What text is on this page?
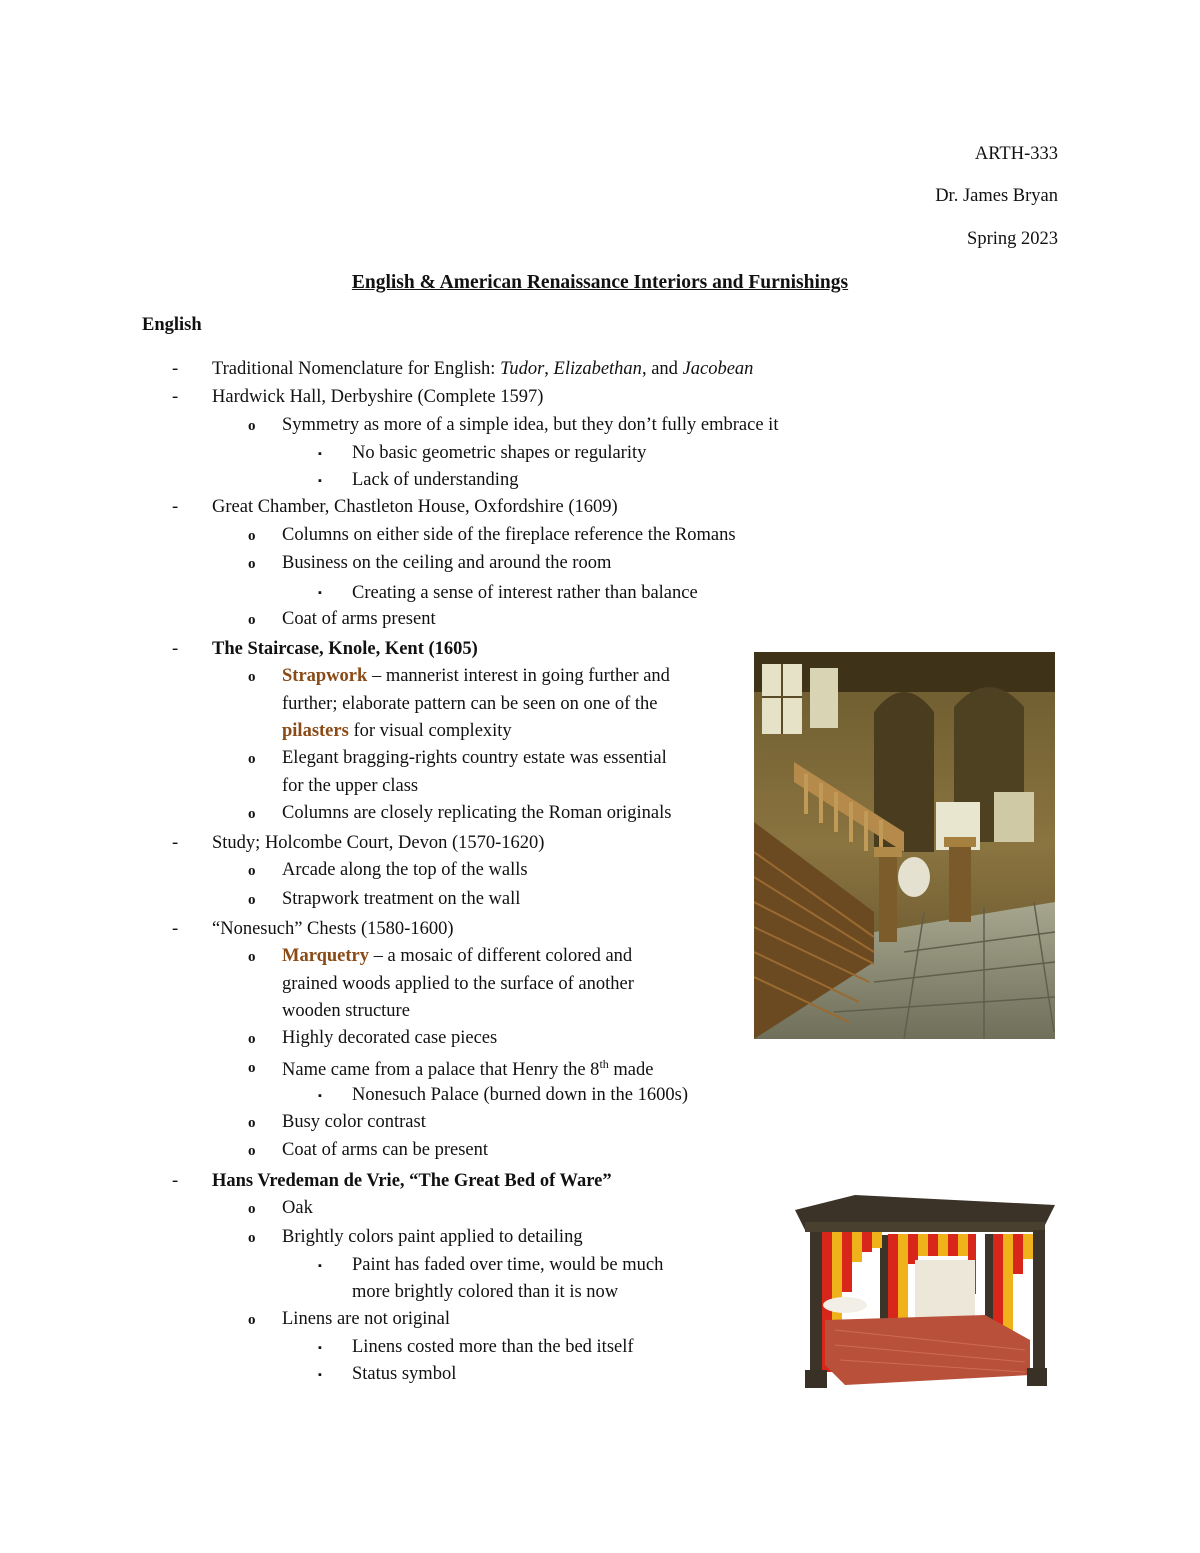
ARTH-333
Dr. James Bryan
Spring 2023
English & American Renaissance Interiors and Furnishings
English
-
-
o
▪
▪
-
o
o
▪
o
-
o
o
o
-
o
o
-
o
o
o
▪
o
o
-
o
o
▪
o
▪
▪
Traditional Nomenclature for English: Tudor, Elizabethan, and Jacobean
Hardwick Hall, Derbyshire (Complete 1597)
Symmetry as more of a simple idea, but they don’t fully embrace it
No basic geometric shapes or regularity
Lack of understanding
Great Chamber, Chastleton House, Oxfordshire (1609)
Columns on either side of the fireplace reference the Romans
Business on the ceiling and around the room
Creating a sense of interest rather than balance
Coat of arms present
The Staircase, Knole, Kent (1605)
Strapwork – mannerist interest in going further and
further; elaborate pattern can be seen on one of the
pilasters for visual complexity
Elegant bragging-rights country estate was essential
for the upper class
Columns are closely replicating the Roman originals
Study; Holcombe Court, Devon (1570-1620)
Arcade along the top of the walls
Strapwork treatment on the wall
“Nonesuch” Chests (1580-1600)
Marquetry – a mosaic of different colored and
grained woods applied to the surface of another
wooden structure
Highly decorated case pieces
Name came from a palace that Henry the 8th made
Nonesuch Palace (burned down in the 1600s)
Busy color contrast
Coat of arms can be present
Hans Vredeman de Vrie, “The Great Bed of Ware”
Oak
Brightly colors paint applied to detailing
Paint has faded over time, would be much
more brightly colored than it is now
Linens are not original
Linens costed more than the bed itself
Status symbol
